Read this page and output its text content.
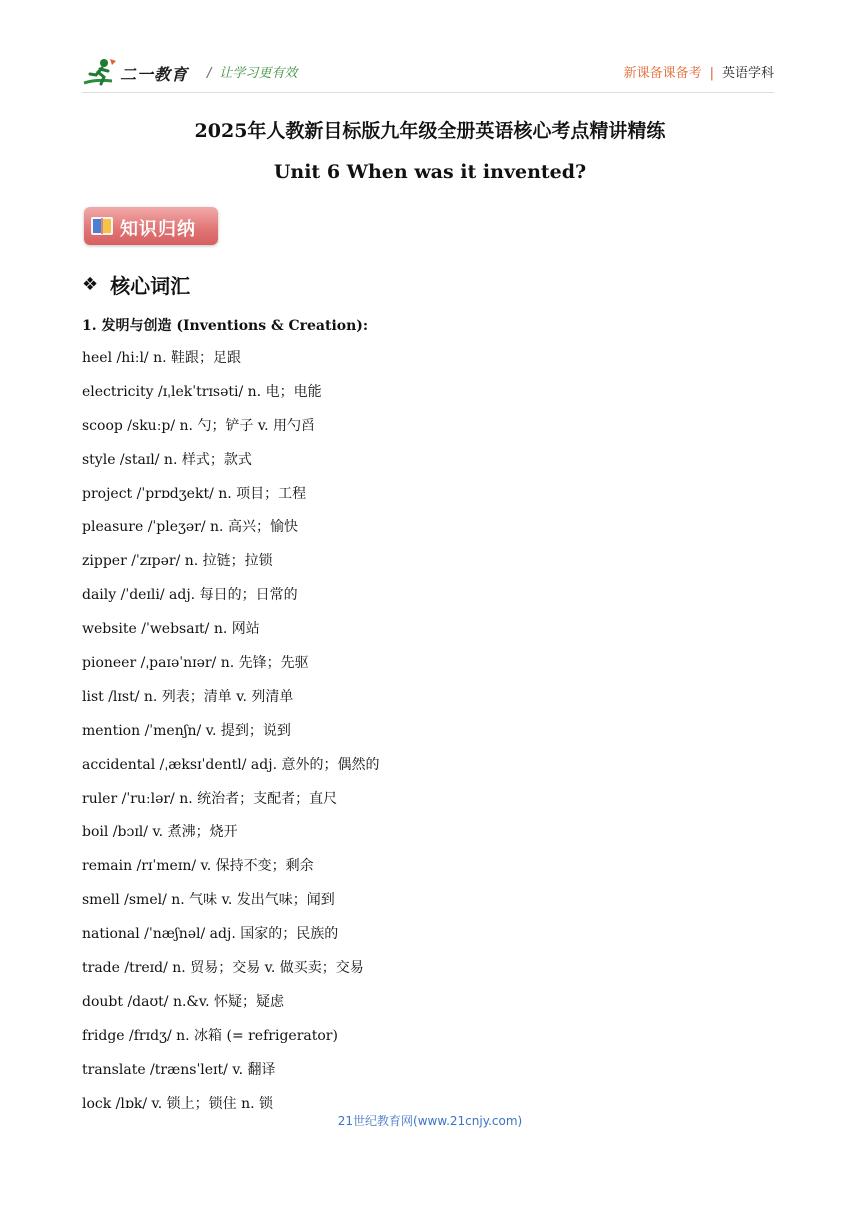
二一教育 / 让学习更有效	新课备课备考 | 英语学科
2025年人教新目标版九年级全册英语核心考点精讲精练
Unit 6 When was it invented?
知识归纳
❖ 核心词汇
1. 发明与创造 (Inventions & Creation):
heel /hiːl/ n. 鞋跟；足跟
electricity /ɪˌlekˈtrɪsəti/ n. 电；电能
scoop /skuːp/ n. 勺；铲子 v. 用勺舀
style /staɪl/ n. 样式；款式
project /ˈprɒdʒekt/ n. 项目；工程
pleasure /ˈpleʒər/ n. 高兴；愉快
zipper /ˈzɪpər/ n. 拉链；拉锁
daily /ˈdeɪli/ adj. 每日的；日常的
website /ˈwebsaɪt/ n. 网站
pioneer /ˌpaɪəˈnɪər/ n. 先锋；先驱
list /lɪst/ n. 列表；清单 v. 列清单
mention /ˈmenʃn/ v. 提到；说到
accidental /ˌæksɪˈdentl/ adj. 意外的；偶然的
ruler /ˈruːlər/ n. 统治者；支配者；直尺
boil /bɔɪl/ v. 煮沸；烧开
remain /rɪˈmeɪn/ v. 保持不变；剩余
smell /smel/ n. 气味 v. 发出气味；闻到
national /ˈnæʃnəl/ adj. 国家的；民族的
trade /treɪd/ n. 贸易；交易 v. 做买卖；交易
doubt /daʊt/ n.&v. 怀疑；疑虑
fridge /frɪdʒ/ n. 冰箱 (= refrigerator)
translate /trænsˈleɪt/ v. 翻译
lock /lɒk/ v. 锁上；锁住 n. 锁
21世纪教育网(www.21cnjy.com)
